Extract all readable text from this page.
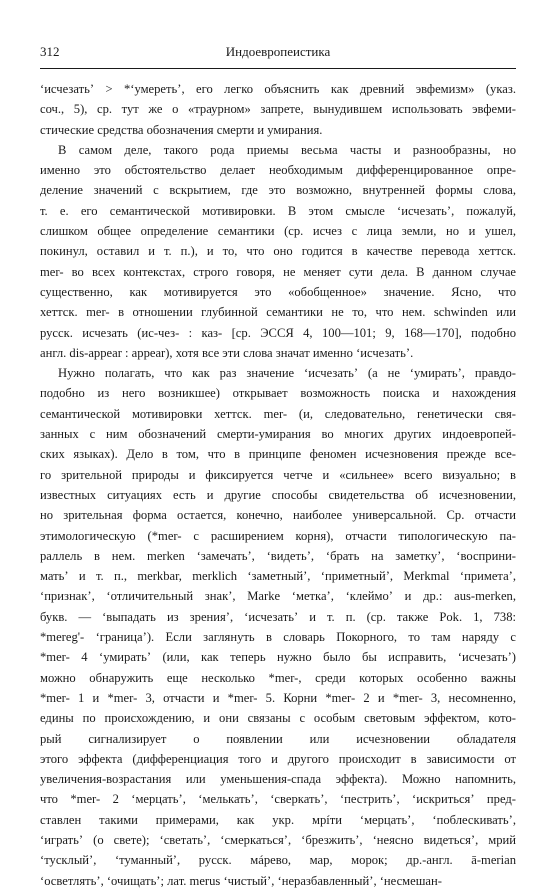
312	Индоевропеистика

ʻисчезатьʼ > *ʻумеретьʼ, его легко объяснить как древний эвфемизм» (указ.
соч., 5), ср. тут же о «траурном» запрете, вынудившем использовать эвфеми-
стические средства обозначения смерти и умирания.

В самом деле, такого рода приемы весьма часты и разнообразны, но
именно это обстоятельство делает необходимым дифференцированное опре-
деление значений с вскрытием, где это возможно, внутренней формы слова,
т. е. его семантической мотивировки. В этом смысле ʻисчезатьʼ, пожалуй,
слишком общее определение семантики (ср. исчез с лица земли, но и ушел,
покинул, оставил и т. п.), и то, что оно годится в качестве перевода хеттск.
mer- во всех контекстах, строго говоря, не меняет сути дела. В данном случае
существенно, как мотивируется это «обобщенное» значение. Ясно, что
хеттск. mer- в отношении глубинной семантики не то, что нем. schwinden или
русск. исчезать (ис-чез- : каз- [ср. ЭССЯ 4, 100—101; 9, 168—170], подобно
англ. dis-appear : appear), хотя все эти слова значат именно ʻисчезатьʼ.

Нужно полагать, что как раз значение ʻисчезатьʼ (а не ʻумиратьʼ, правдо-
подобно из него возникшее) открывает возможность поиска и нахождения
семантической мотивировки хеттск. mer- (и, следовательно, генетически свя-
занных с ним обозначений смерти-умирания во многих других индоевропей-
ских языках). Дело в том, что в принципе феномен исчезновения прежде все-
го зрительной природы и фиксируется четче и «сильнее» всего визуально; в
известных ситуациях есть и другие способы свидетельства об исчезновении,
но зрительная форма остается, конечно, наиболее универсальной. Ср. отчасти
этимологическую (*mer- с расширением корня), отчасти типологическую па-
раллель в нем. merken ʻзамечатьʼ, ʻвидетьʼ, ʻбрать на заметкуʼ, ʻвосприни-
матьʼ и т. п., merkbar, merklich ʻзаметныйʼ, ʻприметныйʼ, Merkmal ʻприметаʼ,
ʻпризнакʼ, ʻотличительный знакʼ, Marke ʻметкаʼ, ʻклеймоʼ и др.: aus-merken,
букв. — ʻвыпадать из зренияʼ, ʻисчезатьʼ и т. п. (ср. также Pok. 1, 738:
*mereg'- ʻграницаʼ). Если заглянуть в словарь Покорного, то там наряду с
*mer- 4 ʻумиратьʼ (или, как теперь нужно было бы исправить, ʻисчезатьʼ)
можно обнаружить еще несколько *mer-, среди которых особенно важны
*mer- 1 и *mer- 3, отчасти и *mer- 5. Корни *mer- 2 и *mer- 3, несомненно,
едины по происхождению, и они связаны с особым световым эффектом, кото-
рый сигнализирует о появлении или исчезновении обладателя
этого эффекта (дифференциация того и другого происходит в зависимости от
увеличения-возрастания или уменьшения-спада эффекта). Можно напомнить,
что *mer- 2 ʻмерцатьʼ, ʻмелькатьʼ, ʻсверкатьʼ, ʻпестритьʼ, ʻискритьсяʼ пред-
ставлен такими примерами, как укр. мрíти ʻмерцатьʼ, ʻпоблескиватьʼ,
ʻигратьʼ (о свете); ʻсветатьʼ, ʻсмеркатьсяʼ, ʻбрезжитьʼ, ʻнеясно видетьсяʼ, мрий
ʻтусклыйʼ, ʻтуманныйʼ, русск. мáрево, мар, морок; др.-англ. ā-merian
ʻосветлятьʼ, ʻочищатьʼ; лат. merus ʻчистыйʼ, ʻнеразбавленныйʼ, ʻнесмешан-
